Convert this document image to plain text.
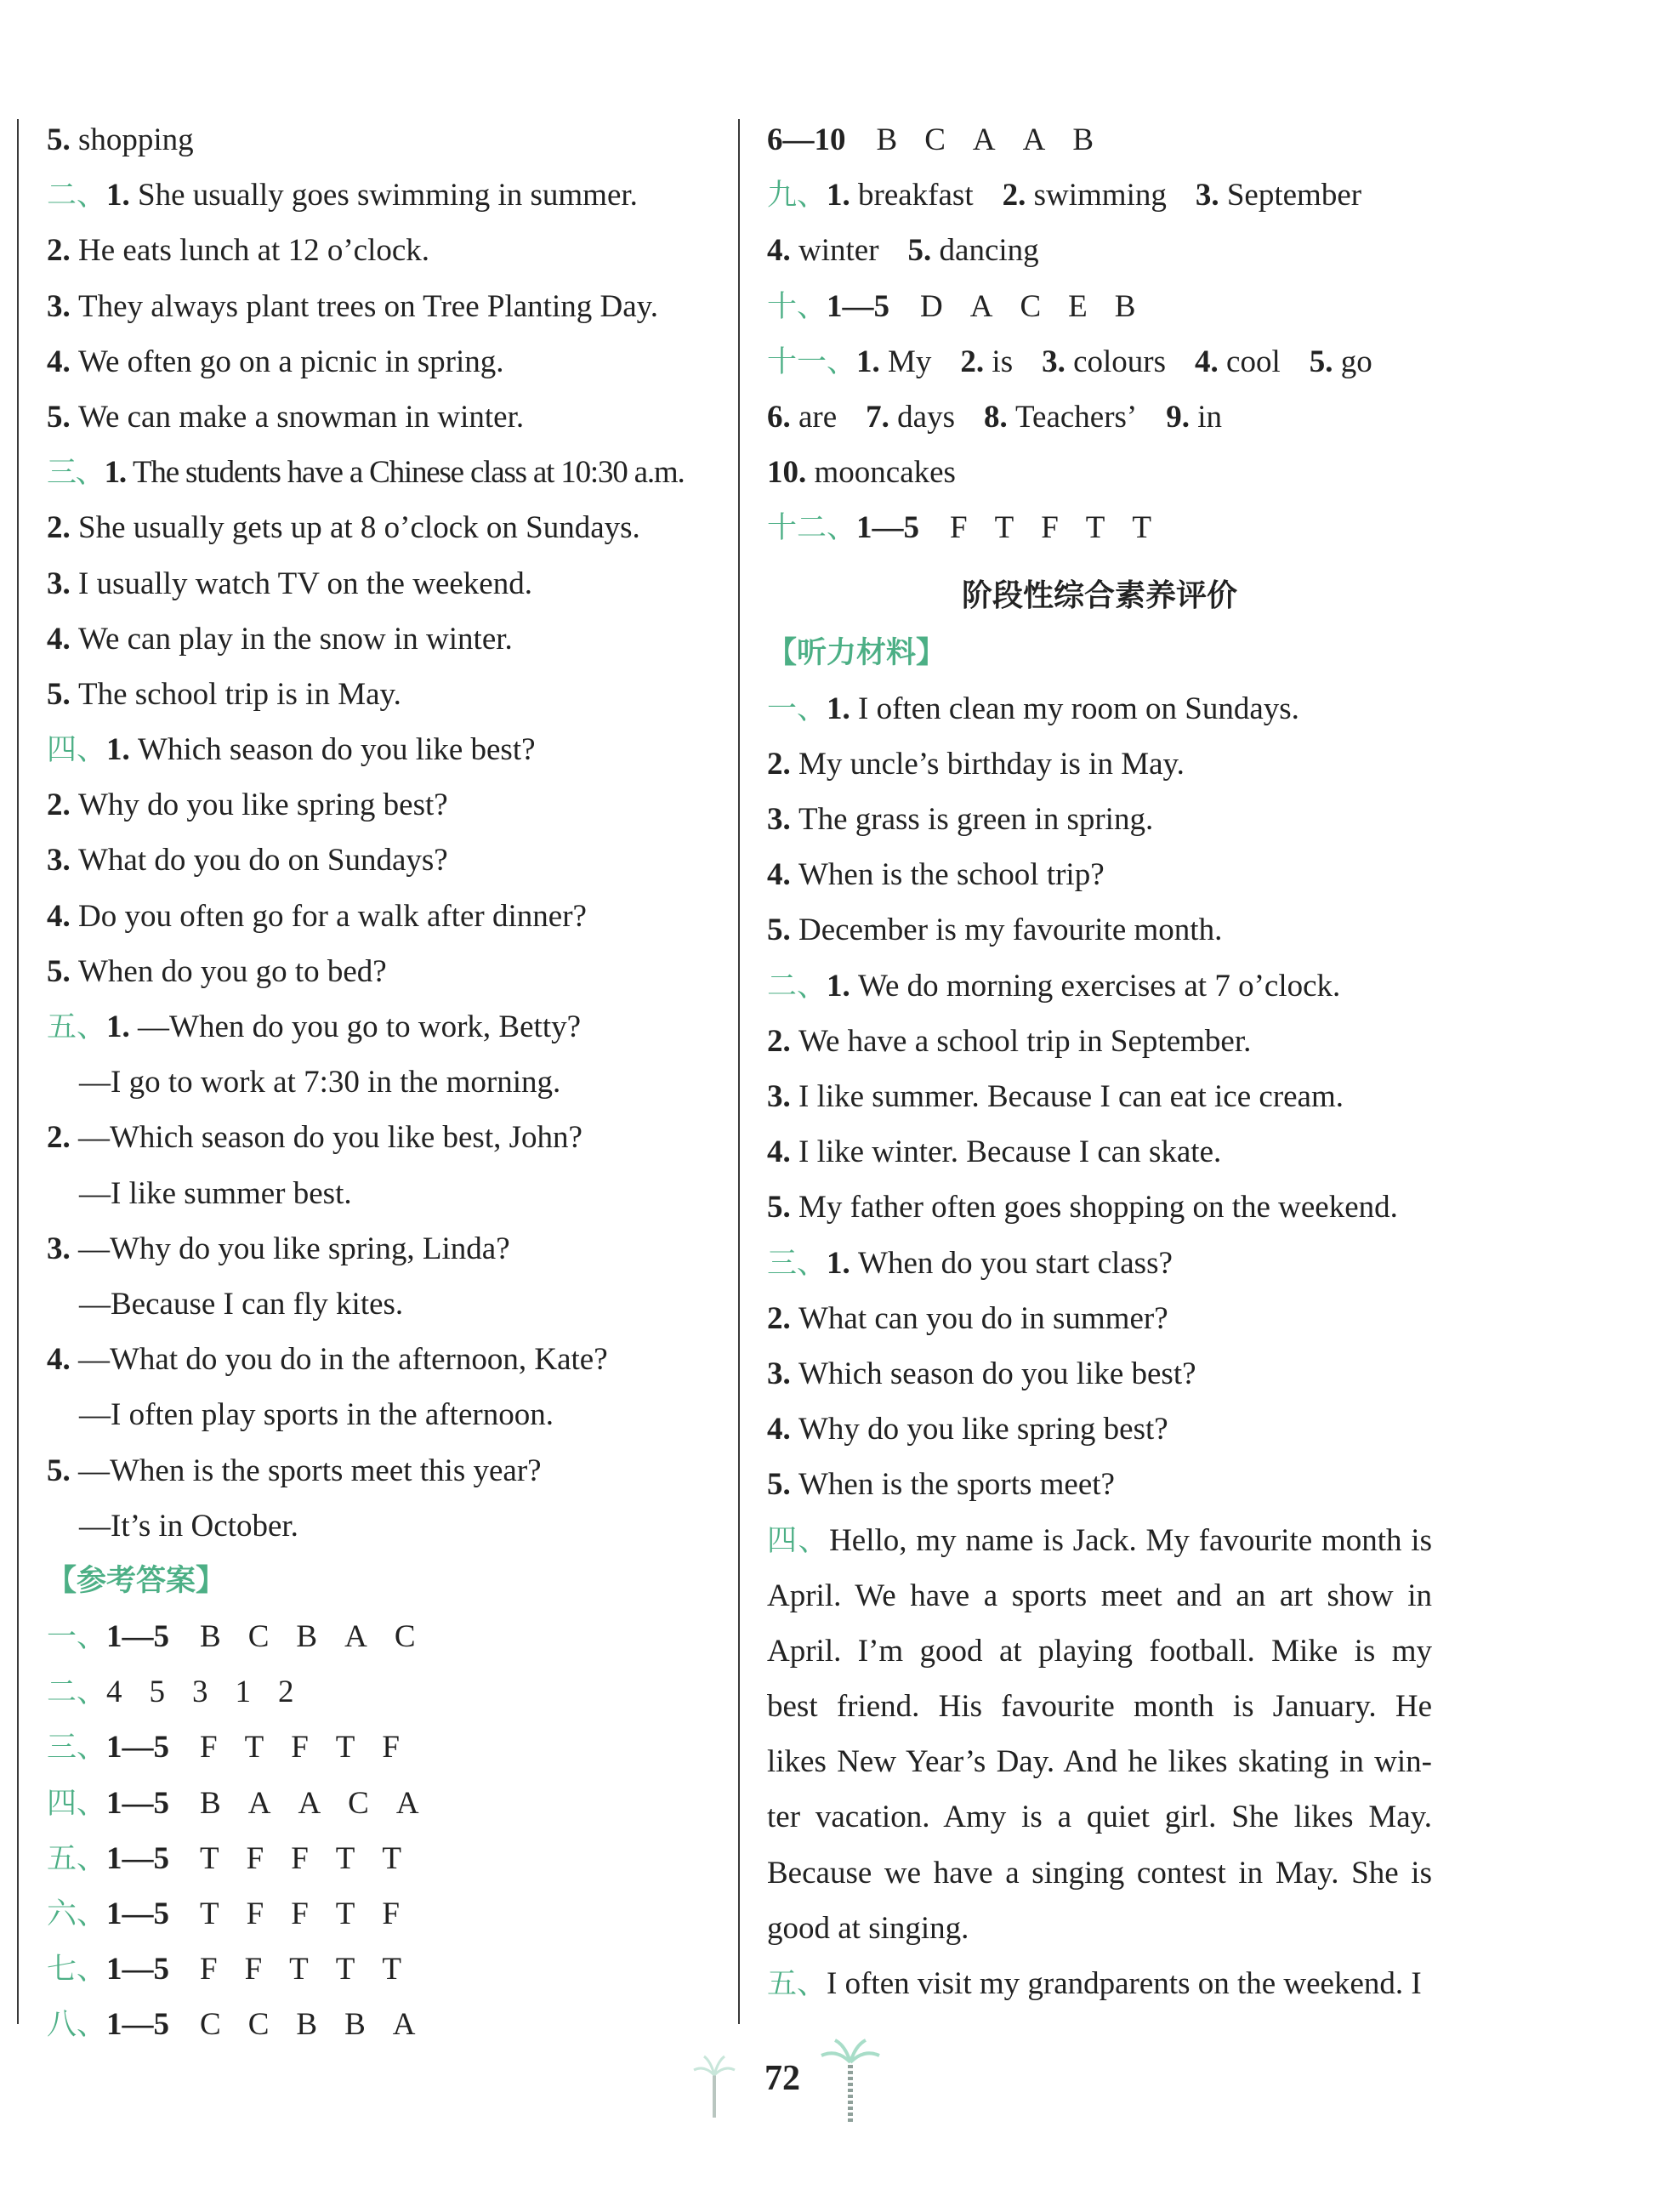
5. shopping
二、1. She usually goes swimming in summer.
2. He eats lunch at 12 o’clock.
3. They always plant trees on Tree Planting Day.
4. We often go on a picnic in spring.
5. We can make a snowman in winter.
三、1. The students have a Chinese class at 10:30 a.m.
2. She usually gets up at 8 o’clock on Sundays.
3. I usually watch TV on the weekend.
4. We can play in the snow in winter.
5. The school trip is in May.
四、1. Which season do you like best?
2. Why do you like spring best?
3. What do you do on Sundays?
4. Do you often go for a walk after dinner?
5. When do you go to bed?
五、1. —When do you go to work, Betty?
—I go to work at 7:30 in the morning.
2. —Which season do you like best, John?
—I like summer best.
3. —Why do you like spring, Linda?
—Because I can fly kites.
4. —What do you do in the afternoon, Kate?
—I often play sports in the afternoon.
5. —When is the sports meet this year?
—It’s in October.
【参考答案】
一、1—5 B C B A C
二、4 5 3 1 2
三、1—5 F T F T F
四、1—5 B A A C A
五、1—5 T F F T T
六、1—5 T F F T F
七、1—5 F F T T T
八、1—5 C C B B A
6—10 B C A A B
九、1. breakfast 2. swimming 3. September
4. winter 5. dancing
十、1—5 D A C E B
十一、1. My 2. is 3. colours 4. cool 5. go
6. are 7. days 8. Teachers’ 9. in
10. mooncakes
十二、1—5 F T F T T
阶段性综合素养评价
【听力材料】
一、1. I often clean my room on Sundays.
2. My uncle’s birthday is in May.
3. The grass is green in spring.
4. When is the school trip?
5. December is my favourite month.
二、1. We do morning exercises at 7 o’clock.
2. We have a school trip in September.
3. I like summer. Because I can eat ice cream.
4. I like winter. Because I can skate.
5. My father often goes shopping on the weekend.
三、1. When do you start class?
2. What can you do in summer?
3. Which season do you like best?
4. Why do you like spring best?
5. When is the sports meet?
四、Hello, my name is Jack. My favourite month is
April. We have a sports meet and an art show in
April. I’m good at playing football. Mike is my
best friend. His favourite month is January. He
likes New Year’s Day. And he likes skating in win-
ter vacation. Amy is a quiet girl. She likes May.
Because we have a singing contest in May. She is
good at singing.
五、I often visit my grandparents on the weekend. I
72
